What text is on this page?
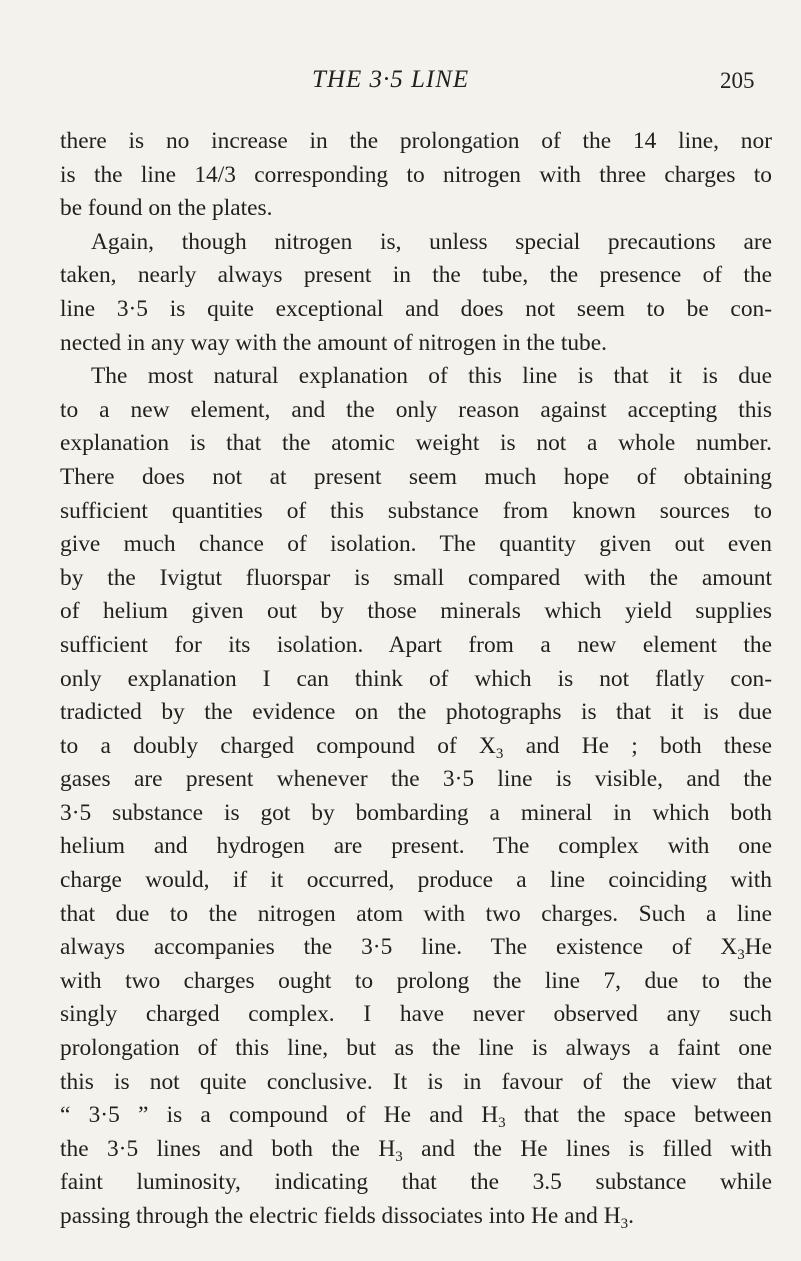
THE 3·5 LINE	205
there is no increase in the prolongation of the 14 line, nor
is the line 14/3 corresponding to nitrogen with three charges to
be found on the plates.
Again, though nitrogen is, unless special precautions are
taken, nearly always present in the tube, the presence of the
line 3·5 is quite exceptional and does not seem to be con-
nected in any way with the amount of nitrogen in the tube.
The most natural explanation of this line is that it is due
to a new element, and the only reason against accepting this
explanation is that the atomic weight is not a whole number.
There does not at present seem much hope of obtaining
sufficient quantities of this substance from known sources to
give much chance of isolation. The quantity given out even
by the Ivigtut fluorspar is small compared with the amount
of helium given out by those minerals which yield supplies
sufficient for its isolation. Apart from a new element the
only explanation I can think of which is not flatly con-
tradicted by the evidence on the photographs is that it is due
to a doubly charged compound of $X_3$ and He ; both these
gases are present whenever the 3·5 line is visible, and the
3·5 substance is got by bombarding a mineral in which both
helium and hydrogen are present. The complex with one
charge would, if it occurred, produce a line coinciding with
that due to the nitrogen atom with two charges. Such a line
always accompanies the 3·5 line. The existence of $X_3He$
with two charges ought to prolong the line 7, due to the
singly charged complex. I have never observed any such
prolongation of this line, but as the line is always a faint one
this is not quite conclusive. It is in favour of the view that
“ 3·5 ” is a compound of He and $H_3$ that the space between
the 3·5 lines and both the $H_3$ and the He lines is filled with
faint luminosity, indicating that the 3.5 substance while
passing through the electric fields dissociates into He and $H_3$.
